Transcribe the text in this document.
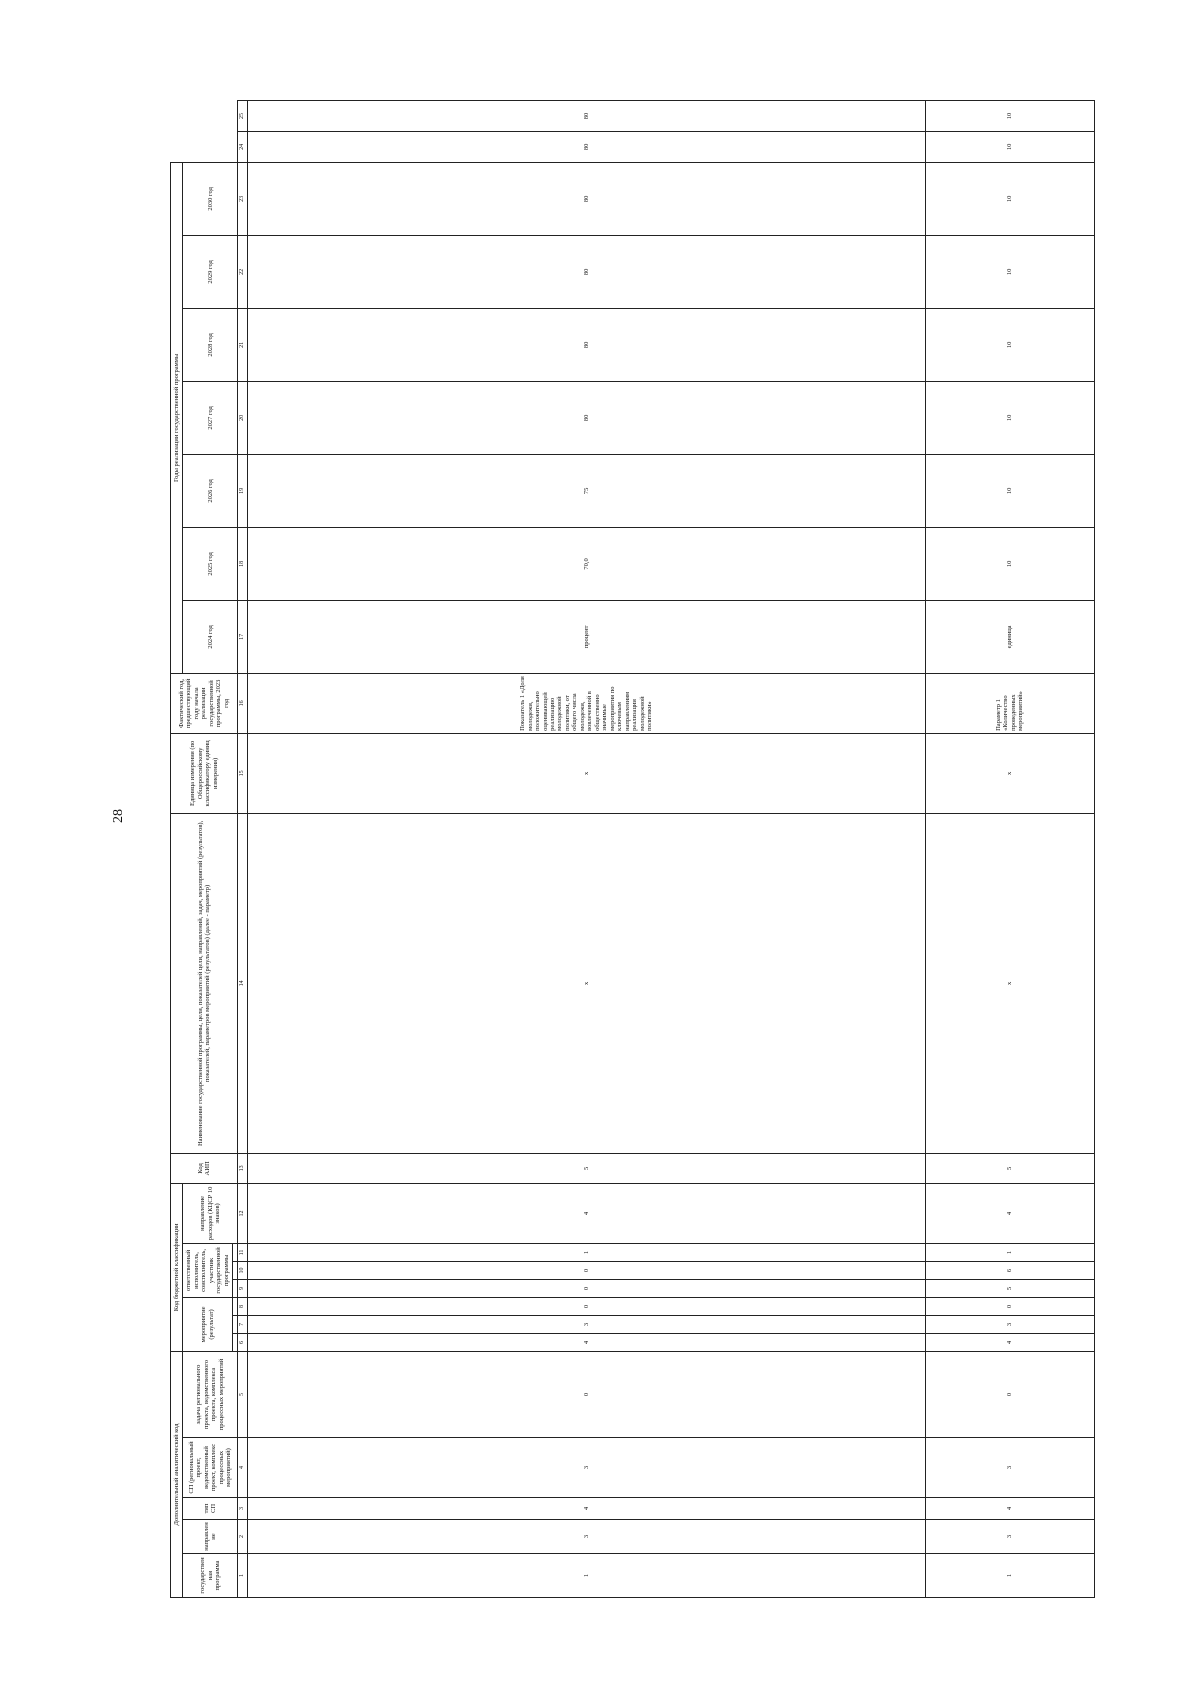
28
Дополнительный аналитический код					Код бюджетной классификации							Код АИП	Наименование государственной программы, цели, показателей цели, направлений, задач, мероприятий (результатов), показателей, параметров мероприятий (результатов) (далее - параметр)	Единица измерения (по Общероссийскому классификатору единиц измерения)	Фактический год, предшествующий году начала реализации государственной программы, 2023 год	Годы реализации государственной программы								
государственная программа	направление	тип СП	СП (региональный проект, ведомственный проект, комплекс процессных мероприятий)	задача регионального проекта, ведомственного проекта, комплекса процессных мероприятий	мероприятие (результат)			ответственный исполнитель, соисполнитель, участник государственной программы			направление расходов (КЦСР 10 знаков)					2024 год	2025 год	2026 год	2027 год	2028 год	2029 год	2030 год		

1	2	3	4	5	6	7	8	9	10	11	12	13	14	15	16	17	18	19	20	21	22	23	24	25
1	3	4	3	0	4	3	0	0	0	1	4	5	x	x	Показатель 1 «Доля молодежи, положительно оценивающей реализацию молодежной политики, от общего числа молодежи, вовлеченной в общественно значимые мероприятия по ключевым направлениям реализации молодежной политики»	процент	70,0	75	80	80	80	80	80	80
1	3	4	3	0	4	3	0	5	6	1	4	5	x	x	Параметр 1 «Количество проведенных мероприятий»	единица	10	10	10	10	10	10	10	10
